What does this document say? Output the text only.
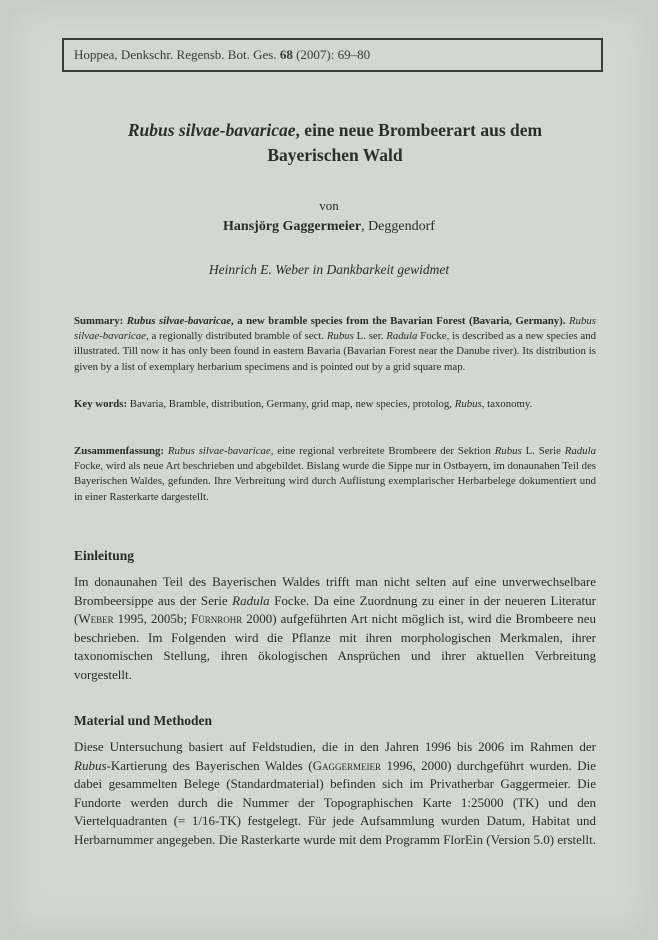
Hoppea, Denkschr. Regensb. Bot. Ges. 68 (2007): 69–80
Rubus silvae-bavaricae, eine neue Brombeerart aus dem
Bayerischen Wald
von
Hansjörg Gaggermeier, Deggendorf
Heinrich E. Weber in Dankbarkeit gewidmet
Summary: Rubus silvae-bavaricae, a new bramble species from the Bavarian Forest (Bavaria, Germany). Rubus silvae-bavaricae, a regionally distributed bramble of sect. Rubus L. ser. Radula Focke, is described as a new species and illustrated. Till now it has only been found in eastern Bavaria (Bavarian Forest near the Danube river). Its distribution is given by a list of exemplary herbarium specimens and is pointed out by a grid square map.
Key words: Bavaria, Bramble, distribution, Germany, grid map, new species, protolog, Rubus, taxonomy.
Zusammenfassung: Rubus silvae-bavaricae, eine regional verbreitete Brombeere der Sektion Rubus L. Serie Radula Focke, wird als neue Art beschrieben und abgebildet. Bislang wurde die Sippe nur in Ostbayern, im donaunahen Teil des Bayerischen Waldes, gefunden. Ihre Verbreitung wird durch Auflistung exemplarischer Herbarbelege dokumentiert und in einer Rasterkarte dargestellt.
Einleitung
Im donaunahen Teil des Bayerischen Waldes trifft man nicht selten auf eine unverwechselbare Brombeersippe aus der Serie Radula Focke. Da eine Zuordnung zu einer in der neueren Literatur (Weber 1995, 2005b; Fürnrohr 2000) aufgeführten Art nicht möglich ist, wird die Brombeere neu beschrieben. Im Folgenden wird die Pflanze mit ihren morphologischen Merkmalen, ihrer taxonomischen Stellung, ihren ökologischen Ansprüchen und ihrer aktuellen Verbreitung vorgestellt.
Material und Methoden
Diese Untersuchung basiert auf Feldstudien, die in den Jahren 1996 bis 2006 im Rahmen der Rubus-Kartierung des Bayerischen Waldes (Gaggermeier 1996, 2000) durchgeführt wurden. Die dabei gesammelten Belege (Standardmaterial) befinden sich im Privatherbar Gaggermeier. Die Fundorte werden durch die Nummer der Topographischen Karte 1:25000 (TK) und den Viertelquadranten (= 1/16-TK) festgelegt. Für jede Aufsammlung wurden Datum, Habitat und Herbarnummer angegeben. Die Rasterkarte wurde mit dem Programm FlorEin (Version 5.0) erstellt.
